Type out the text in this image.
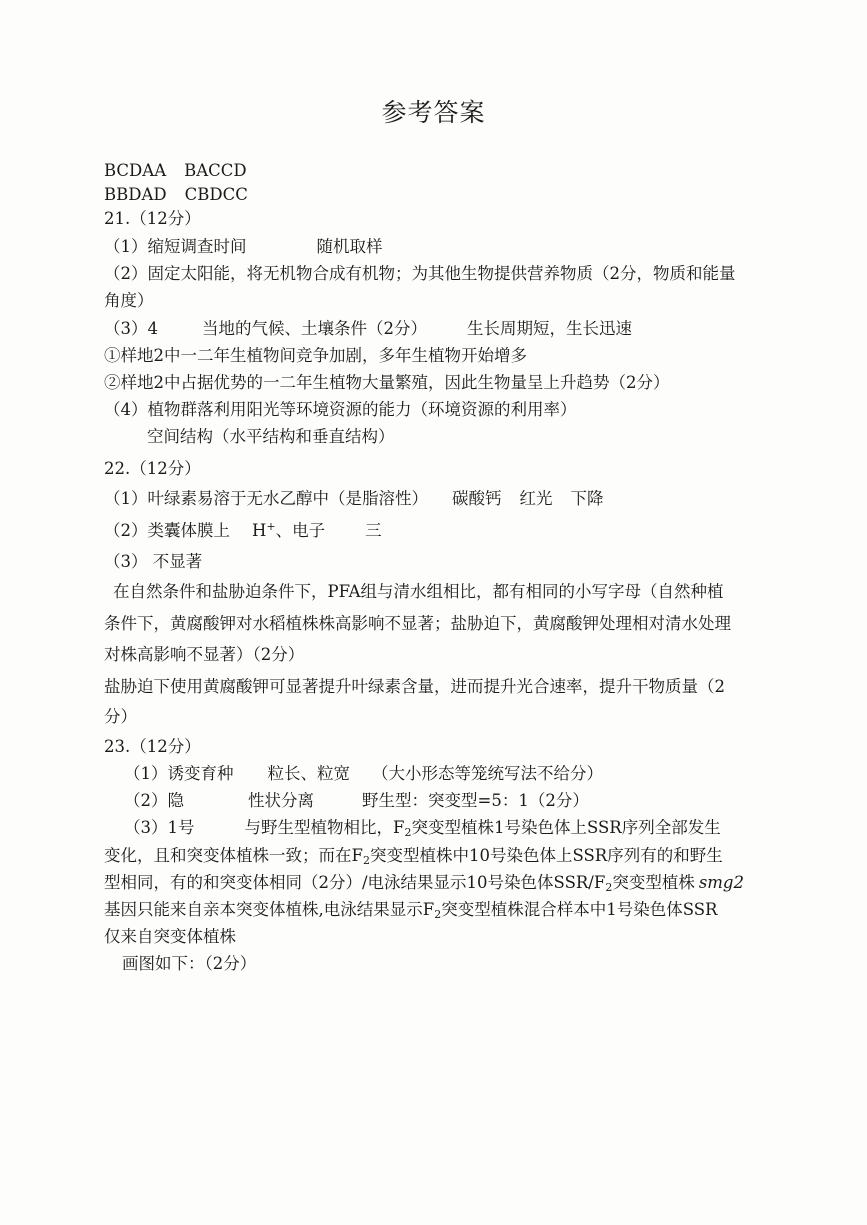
参考答案
BCDAA BACCD
BBDAD CBDCC
21.（12分）
（1）缩短调查时间	随机取样
（2）固定太阳能，将无机物合成有机物；为其他生物提供营养物质（2分，物质和能量
角度）
（3）4	当地的气候、土壤条件（2分） 生长周期短，生长迅速
①样地2中一二年生植物间竞争加剧，多年生植物开始增多
②样地2中占据优势的一二年生植物大量繁殖，因此生物量呈上升趋势（2分）
（4）植物群落利用阳光等环境资源的能力（环境资源的利用率）
空间结构（水平结构和垂直结构）
22.（12分）
（1）叶绿素易溶于无水乙醇中（是脂溶性） 碳酸钙 红光 下降
（2）类囊体膜上 H+、电子 三
（3） 不显著
在自然条件和盐胁迫条件下，PFA组与清水组相比，都有相同的小写字母（自然种植
条件下，黄腐酸钾对水稻植株株高影响不显著；盐胁迫下，黄腐酸钾处理相对清水处理
对株高影响不显著）（2分）
盐胁迫下使用黄腐酸钾可显著提升叶绿素含量，进而提升光合速率，提升干物质量（2
分）
23.（12分）
（1）诱变育种 粒长、粒宽 （大小形态等笼统写法不给分）
（2）隐	性状分离	野生型：突变型=5：1（2分）
（3）1号	与野生型植物相比，$F_2$突变型植株1号染色体上SSR序列全部发生
变化，且和突变体植株一致；而在$F_2$突变型植株中10号染色体上SSR序列有的和野生
型相同，有的和突变体相同（2分）/电泳结果显示10号染色体SSR/$F_2$突变型植株 smg2
基因只能来自亲本突变体植株,电泳结果显示$F_2$突变型植株混合样本中1号染色体SSR
仅来自突变体植株
画图如下：（2分）
